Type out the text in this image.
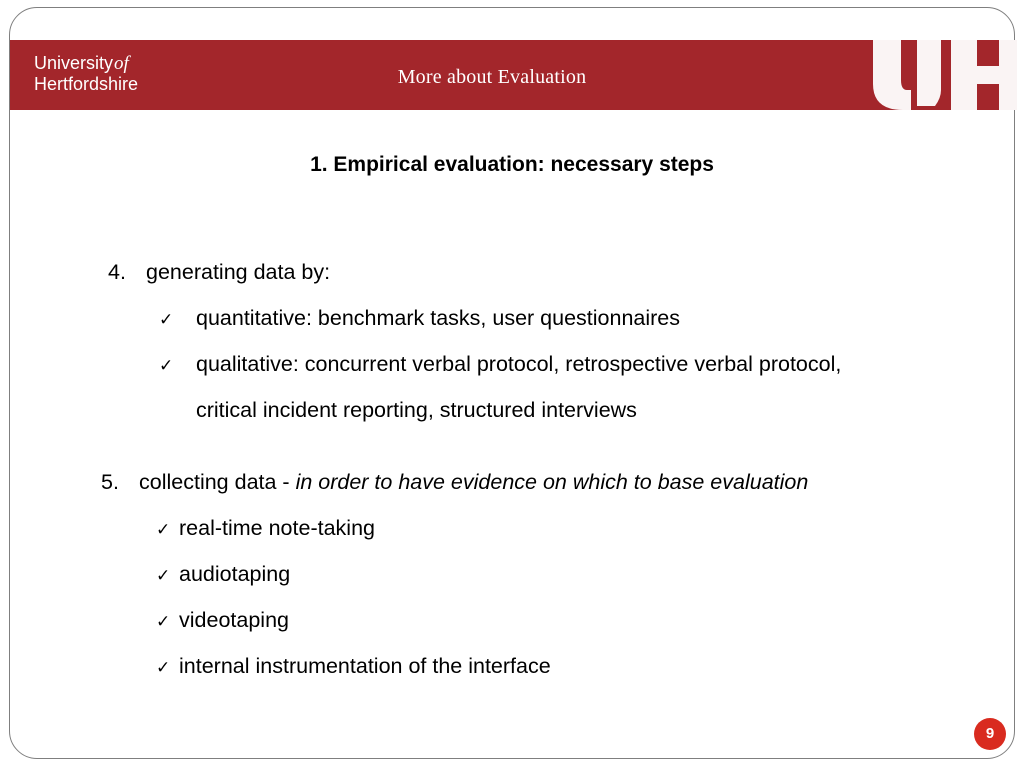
Universityof
Hertfordshire	More about Evaluation
1. Empirical evaluation: necessary steps
4. generating data by:
✓ quantitative: benchmark tasks, user questionnaires
✓ qualitative: concurrent verbal protocol, retrospective verbal protocol,
critical incident reporting, structured interviews
5. collecting data - in order to have evidence on which to base evaluation
✓ real-time note-taking
✓ audiotaping
✓ videotaping
✓ internal instrumentation of the interface
9
